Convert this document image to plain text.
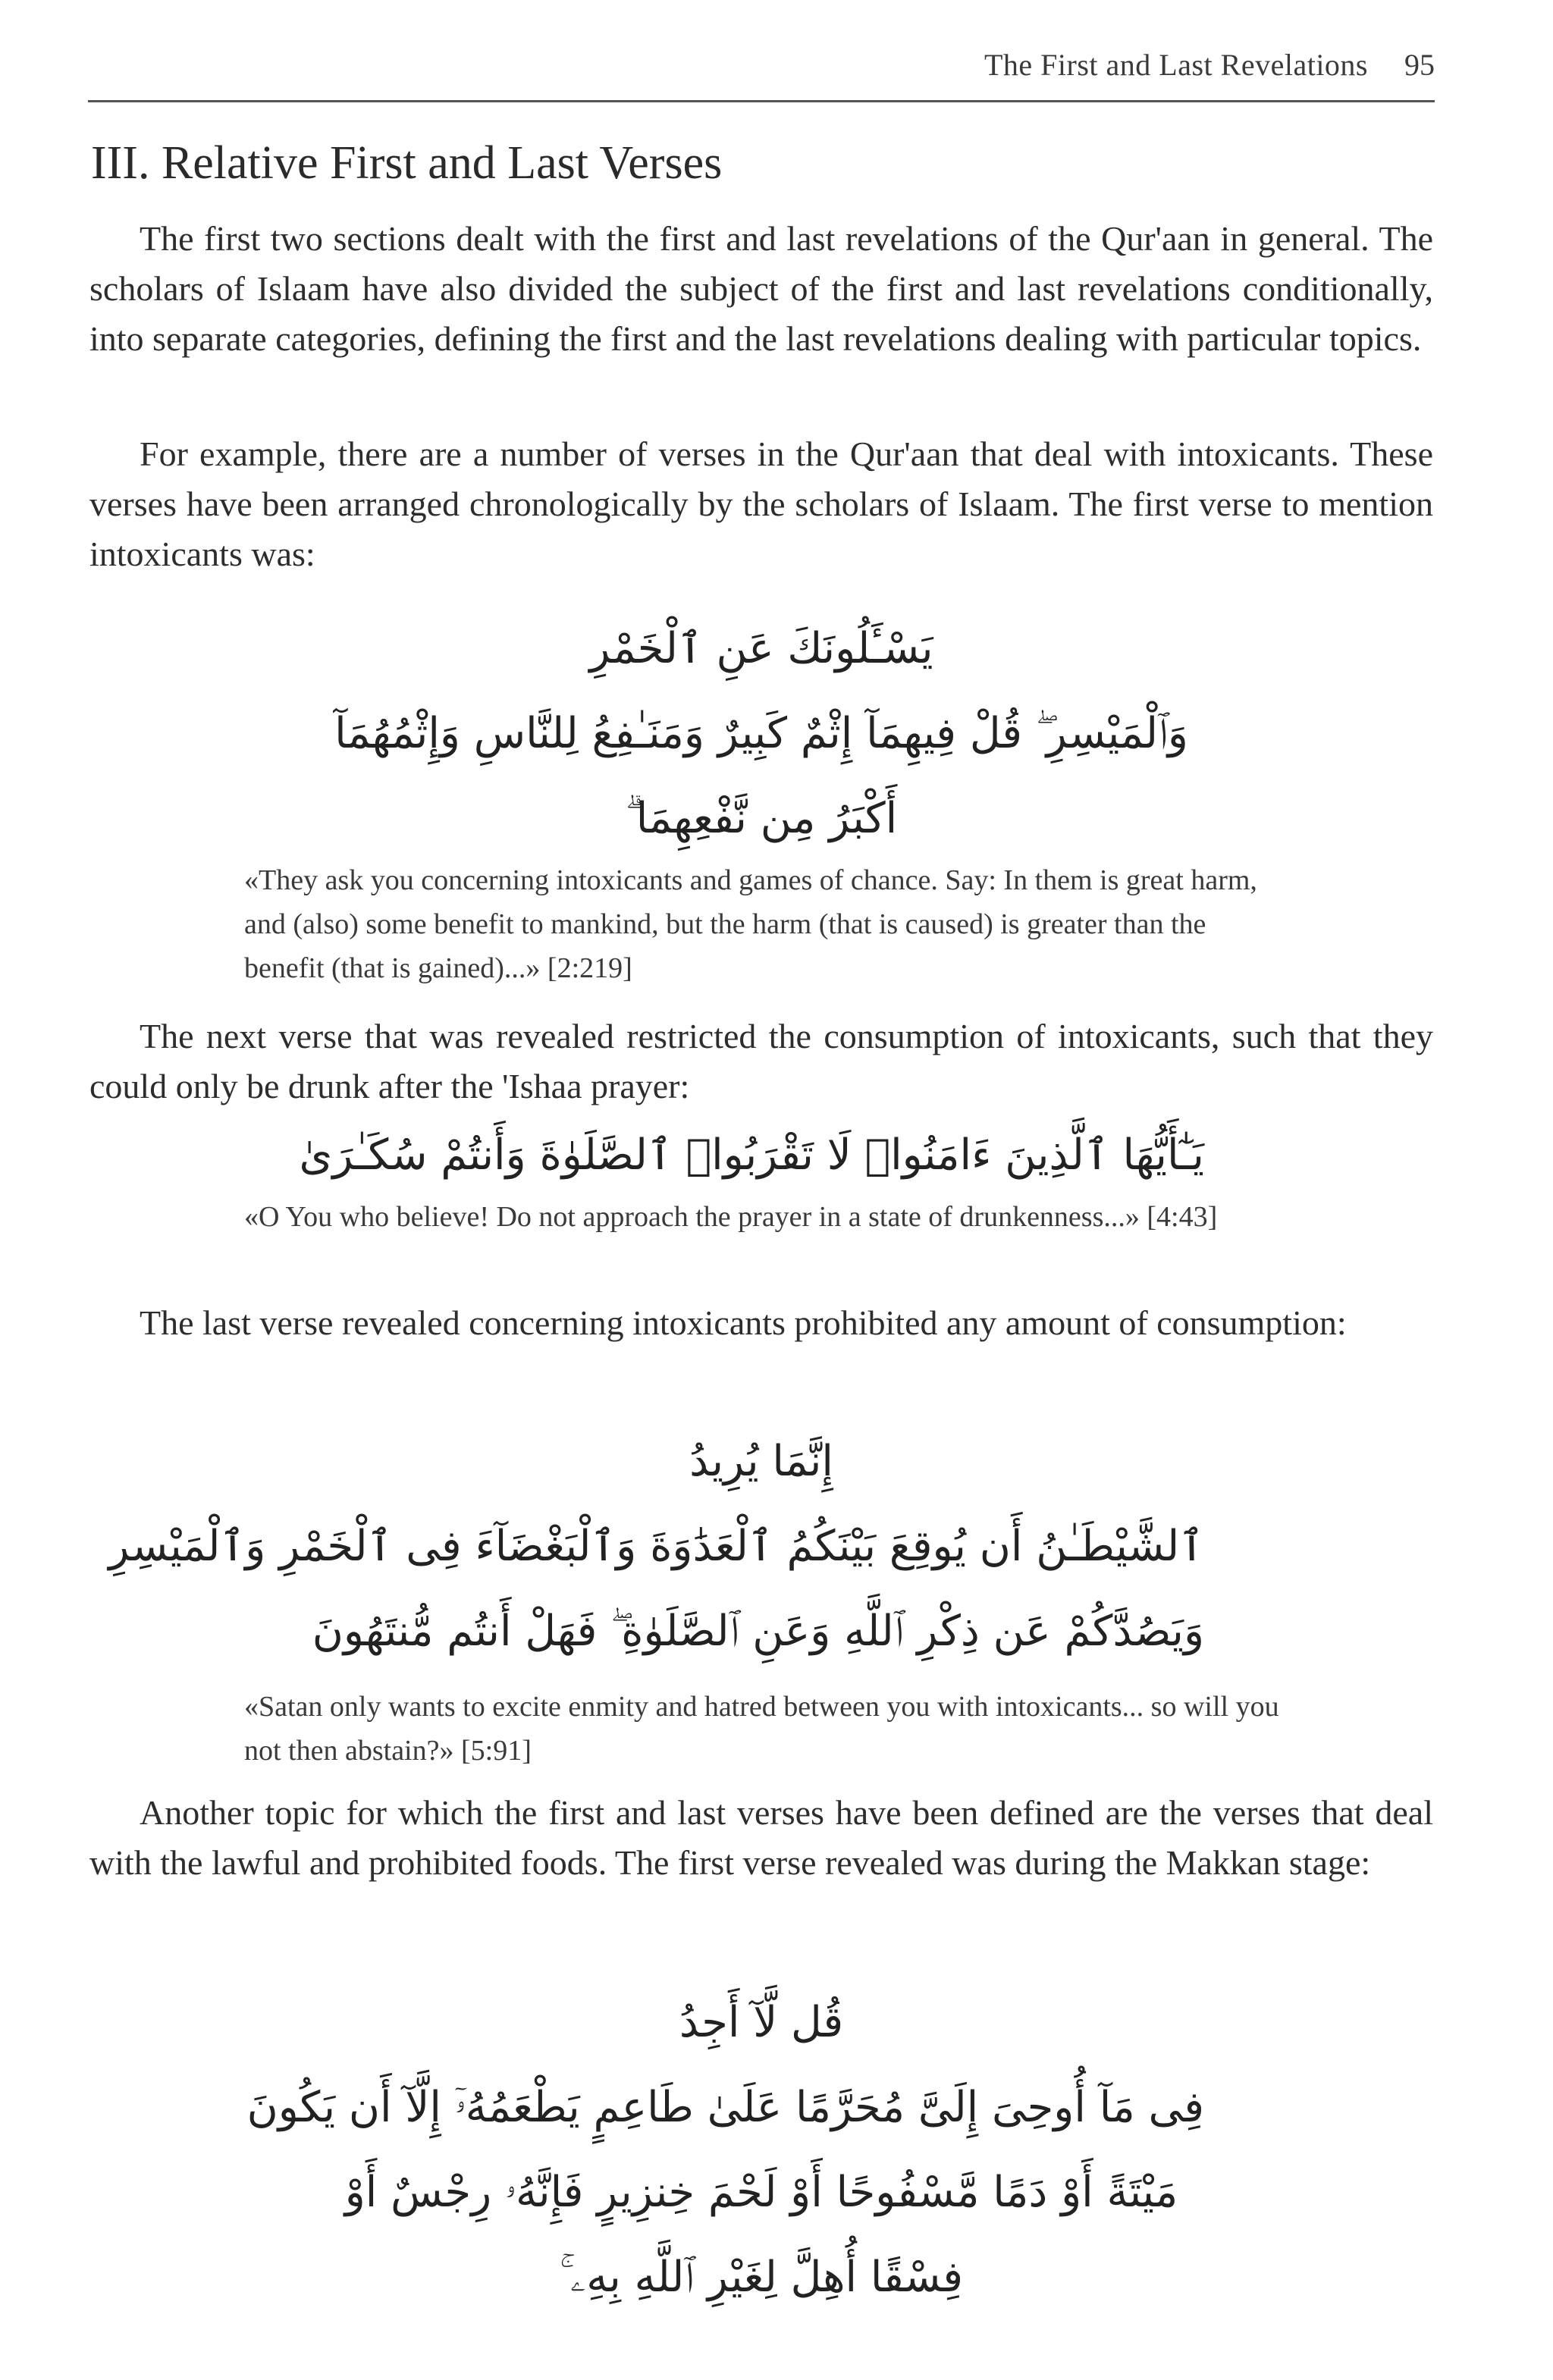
The First and Last Revelations 95
III. Relative First and Last Verses

The first two sections dealt with the first and last revelations of the Qur'aan in general. The scholars of Islaam have also divided the subject of the first and last revelations conditionally, into separate categories, defining the first and the last revelations dealing with particular topics.

For example, there are a number of verses in the Qur'aan that deal with intoxicants. These verses have been arranged chronologically by the scholars of Islaam. The first verse to mention intoxicants was:

يَسْـَٔلُونَكَ عَنِ ٱلْخَمْرِ
وَٱلْمَيْسِرِ ۖ قُلْ فِيهِمَآ إِثْمٌ كَبِيرٌ وَمَنَـٰفِعُ لِلنَّاسِ وَإِثْمُهُمَآ
أَكْبَرُ مِن نَّفْعِهِمَا ۗ

«They ask you concerning intoxicants and games of chance. Say: In them is great harm, and (also) some benefit to mankind, but the harm (that is caused) is greater than the benefit (that is gained)...» [2:219]

The next verse that was revealed restricted the consumption of intoxicants, such that they could only be drunk after the 'Ishaa prayer:

يَـٰٓأَيُّهَا ٱلَّذِينَ ءَامَنُوا۟ لَا تَقْرَبُوا۟ ٱلصَّلَوٰةَ وَأَنتُمْ سُكَـٰرَىٰ

«O You who believe! Do not approach the prayer in a state of drunkenness...» [4:43]

The last verse revealed concerning intoxicants prohibited any amount of consumption:

إِنَّمَا يُرِيدُ
ٱلشَّيْطَـٰنُ أَن يُوقِعَ بَيْنَكُمُ ٱلْعَدَٰوَةَ وَٱلْبَغْضَآءَ فِى ٱلْخَمْرِ وَٱلْمَيْسِرِ
وَيَصُدَّكُمْ عَن ذِكْرِ ٱللَّهِ وَعَنِ ٱلصَّلَوٰةِ ۖ فَهَلْ أَنتُم مُّنتَهُونَ

«Satan only wants to excite enmity and hatred between you with intoxicants... so will you not then abstain?» [5:91]

Another topic for which the first and last verses have been defined are the verses that deal with the lawful and prohibited foods. The first verse revealed was during the Makkan stage:

قُل لَّآ أَجِدُ
فِى مَآ أُوحِىَ إِلَىَّ مُحَرَّمًا عَلَىٰ طَاعِمٍ يَطْعَمُهُۥٓ إِلَّآ أَن يَكُونَ
مَيْتَةً أَوْ دَمًا مَّسْفُوحًا أَوْ لَحْمَ خِنزِيرٍ فَإِنَّهُۥ رِجْسٌ أَوْ
فِسْقًا أُهِلَّ لِغَيْرِ ٱللَّهِ بِهِۦ ۚ
